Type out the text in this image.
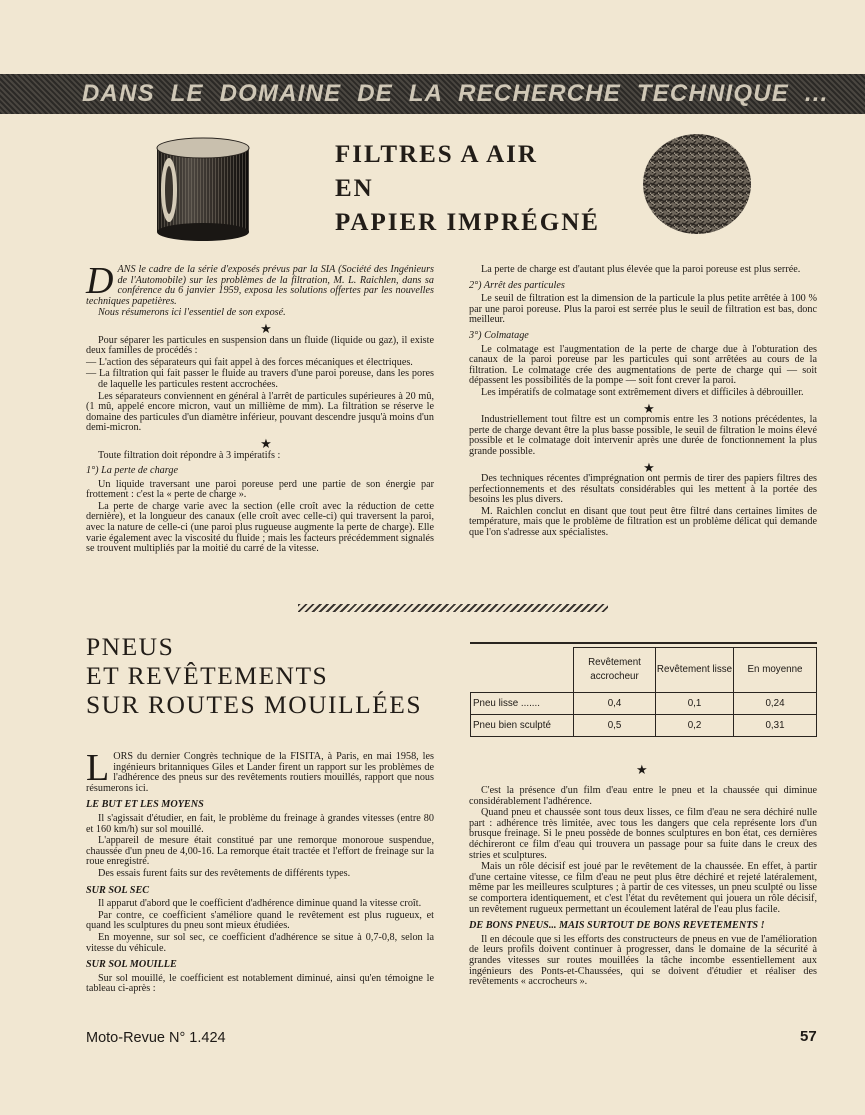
DANS LE DOMAINE DE LA RECHERCHE TECHNIQUE ...
FILTRES A AIR
EN
PAPIER IMPRÉGNÉ

DANS le cadre de la série d'exposés prévus par la SIA (Société des Ingénieurs de l'Automobile) sur les problèmes de la filtration, M. L. Raichlen, dans sa conférence du 6 janvier 1959, exposa les solutions offertes par les nouvelles techniques papetières.

Nous résumerons ici l'essentiel de son exposé.

★

Pour séparer les particules en suspension dans un fluide (liquide ou gaz), il existe deux familles de procédés :

— L'action des séparateurs qui fait appel à des forces mécaniques et électriques.

— La filtration qui fait passer le fluide au travers d'une paroi poreuse, dans les pores de laquelle les particules restent accrochées.

Les séparateurs conviennent en général à l'arrêt de particules supérieures à 20 mû, (1 mû, appelé encore micron, vaut un millième de mm). La filtration se réserve le domaine des particules d'un diamètre inférieur, pouvant descendre jusqu'à moins d'un demi-micron.

★

Toute filtration doit répondre à 3 impératifs :

1°) La perte de charge

Un liquide traversant une paroi poreuse perd une partie de son énergie par frottement : c'est la « perte de charge ».

La perte de charge varie avec la section (elle croît avec la réduction de cette dernière), et la longueur des canaux (elle croît avec celle-ci) qui traversent la paroi, avec la nature de celle-ci (une paroi plus rugueuse augmente la perte de charge). Elle varie également avec la viscosité du fluide ; mais les facteurs précédemment signalés se trouvent multipliés par la moitié du carré de la vitesse.

La perte de charge est d'autant plus élevée que la paroi poreuse est plus serrée.

2°) Arrêt des particules

Le seuil de filtration est la dimension de la particule la plus petite arrêtée à 100 % par une paroi poreuse. Plus la paroi est serrée plus le seuil de filtration est bas, donc meilleur.

3°) Colmatage

Le colmatage est l'augmentation de la perte de charge due à l'obturation des canaux de la paroi poreuse par les particules qui sont arrêtées au cours de la filtration. Le colmatage crée des augmentations de perte de charge qui — soit dépassent les possibilités de la pompe — soit font crever la paroi.

Les impératifs de colmatage sont extrêmement divers et difficiles à débrouiller.

★

Industriellement tout filtre est un compromis entre les 3 notions précédentes, la perte de charge devant être la plus basse possible, le seuil de filtration le moins élevé possible et le colmatage doit intervenir après une durée de fonctionnement la plus grande possible.

★

Des techniques récentes d'imprégnation ont permis de tirer des papiers filtres des perfectionnements et des résultats considérables qui les mettent à la portée des besoins les plus divers.

M. Raichlen conclut en disant que tout peut être filtré dans certaines limites de température, mais que le problème de filtration est un problème délicat qui demande que l'on s'adresse aux spécialistes.

PNEUS
ET REVÊTEMENTS
SUR ROUTES MOUILLÉES
	Revêtement accrocheur	Revêtement lisse	En moyenne
Pneu lisse .......	0,4	0,1	0,24
Pneu bien sculpté	0,5	0,2	0,31
★

LORS du dernier Congrès technique de la FISITA, à Paris, en mai 1958, les ingénieurs britanniques Giles et Lander firent un rapport sur les problèmes de l'adhérence des pneus sur des revêtements routiers mouillés, rapport que nous résumerons ici.

LE BUT ET LES MOYENS

Il s'agissait d'étudier, en fait, le problème du freinage à grandes vitesses (entre 80 et 160 km/h) sur sol mouillé.

L'appareil de mesure était constitué par une remorque monoroue suspendue, chaussée d'un pneu de 4,00-16. La remorque était tractée et l'effort de freinage sur la roue enregistré.

Des essais furent faits sur des revêtements de différents types.

SUR SOL SEC

Il apparut d'abord que le coefficient d'adhérence diminue quand la vitesse croît.

Par contre, ce coefficient s'améliore quand le revêtement est plus rugueux, et quand les sculptures du pneu sont mieux étudiées.

En moyenne, sur sol sec, ce coefficient d'adhérence se situe à 0,7-0,8, selon la vitesse du véhicule.

SUR SOL MOUILLE

Sur sol mouillé, le coefficient est notablement diminué, ainsi qu'en témoigne le tableau ci-après :

C'est la présence d'un film d'eau entre le pneu et la chaussée qui diminue considérablement l'adhérence.

Quand pneu et chaussée sont tous deux lisses, ce film d'eau ne sera déchiré nulle part : adhérence très limitée, avec tous les dangers que cela représente lors d'un brusque freinage. Si le pneu possède de bonnes sculptures en bon état, ces dernières déchireront ce film d'eau qui trouvera un passage pour sa fuite dans le creux des stries et sculptures.

Mais un rôle décisif est joué par le revêtement de la chaussée. En effet, à partir d'une certaine vitesse, ce film d'eau ne peut plus être déchiré et rejeté latéralement, même par les meilleures sculptures ; à partir de ces vitesses, un pneu sculpté ou lisse se comportera identiquement, et c'est l'état du revêtement qui jouera un rôle décisif, un revêtement rugueux permettant un écoulement latéral de l'eau plus facile.

DE BONS PNEUS... MAIS SURTOUT DE BONS REVETEMENTS !

Il en découle que si les efforts des constructeurs de pneus en vue de l'amélioration de leurs profils doivent continuer à progresser, dans le domaine de la sécurité à grandes vitesses sur routes mouillées la tâche incombe essentiellement aux ingénieurs des Ponts-et-Chaussées, qui se doivent d'étudier et réaliser des revêtements « accrocheurs ».

Moto-Revue N° 1.424	57
